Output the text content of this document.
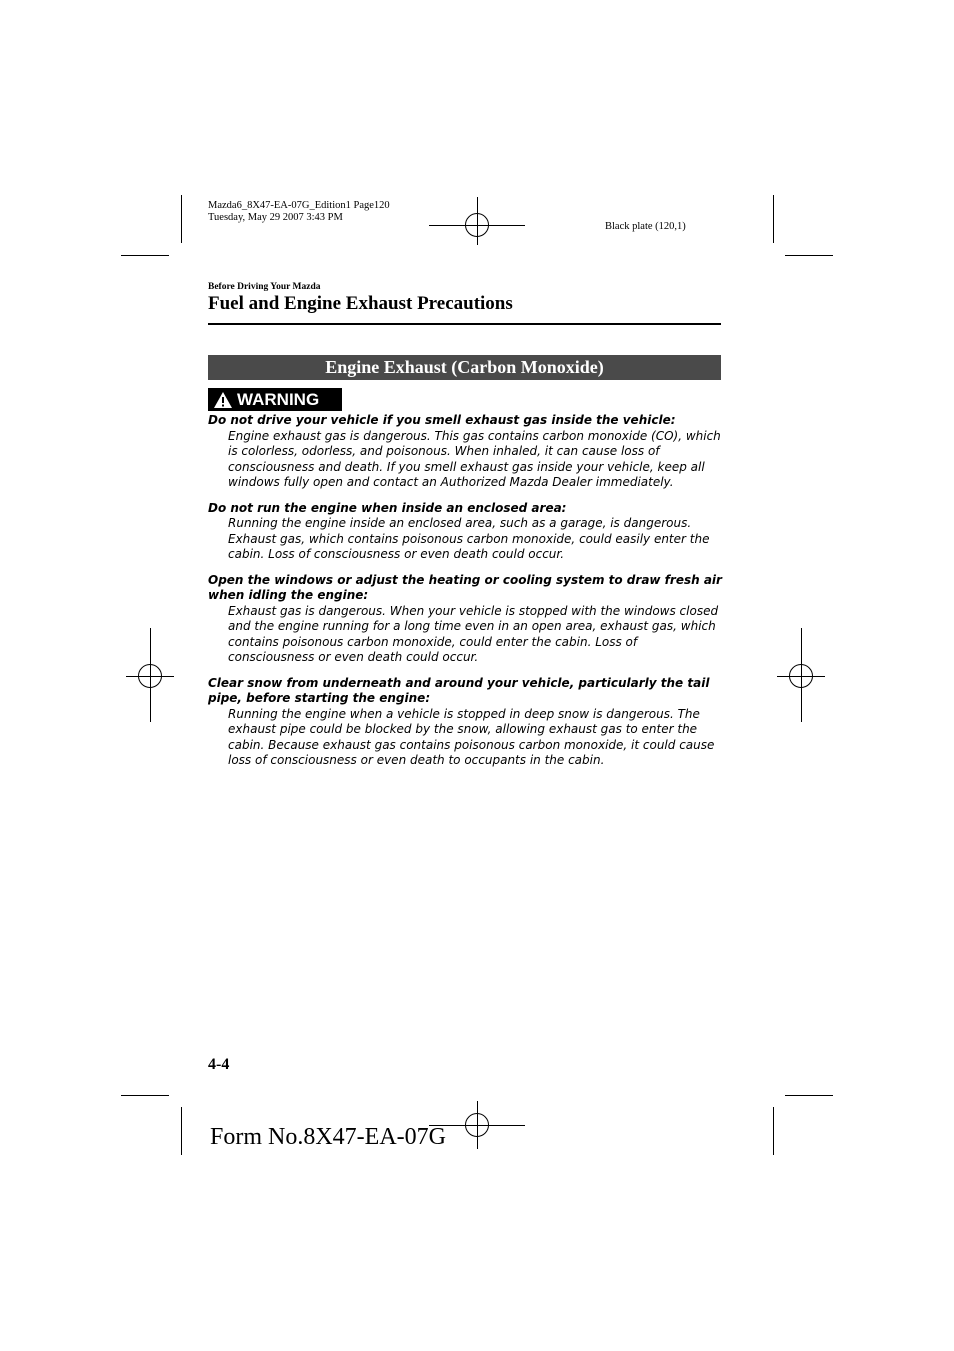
Mazda6_8X47-EA-07G_Edition1 Page120
Tuesday, May 29 2007 3:43 PM
Black plate (120,1)
Before Driving Your Mazda
Fuel and Engine Exhaust Precautions
Engine Exhaust (Carbon Monoxide)
WARNING
Do not drive your vehicle if you smell exhaust gas inside the vehicle:
Engine exhaust gas is dangerous. This gas contains carbon monoxide (CO), which is colorless, odorless, and poisonous. When inhaled, it can cause loss of consciousness and death. If you smell exhaust gas inside your vehicle, keep all windows fully open and contact an Authorized Mazda Dealer immediately.
Do not run the engine when inside an enclosed area:
Running the engine inside an enclosed area, such as a garage, is dangerous. Exhaust gas, which contains poisonous carbon monoxide, could easily enter the cabin. Loss of consciousness or even death could occur.
Open the windows or adjust the heating or cooling system to draw fresh air when idling the engine:
Exhaust gas is dangerous. When your vehicle is stopped with the windows closed and the engine running for a long time even in an open area, exhaust gas, which contains poisonous carbon monoxide, could enter the cabin. Loss of consciousness or even death could occur.
Clear snow from underneath and around your vehicle, particularly the tail pipe, before starting the engine:
Running the engine when a vehicle is stopped in deep snow is dangerous. The exhaust pipe could be blocked by the snow, allowing exhaust gas to enter the cabin. Because exhaust gas contains poisonous carbon monoxide, it could cause loss of consciousness or even death to occupants in the cabin.
4-4
Form No.8X47-EA-07G
